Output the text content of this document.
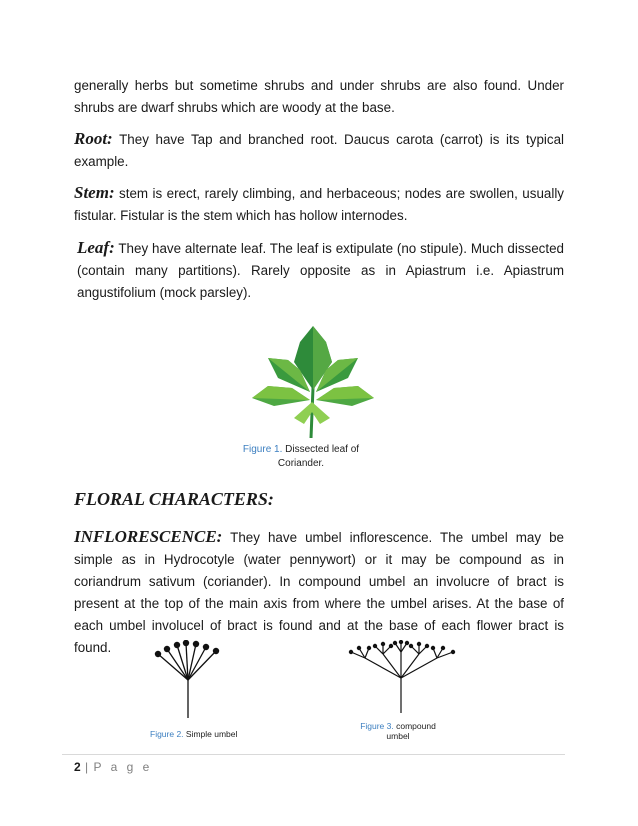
generally herbs but sometime shrubs and under shrubs are also found. Under shrubs are dwarf shrubs which are woody at the base.

Root: They have Tap and branched root. Daucus carota (carrot) is its typical example.

Stem: stem is erect, rarely climbing, and herbaceous; nodes are swollen, usually fistular. Fistular is the stem which has hollow internodes.

Leaf: They have alternate leaf. The leaf is extipulate (no stipule). Much dissected (contain many partitions). Rarely opposite as in Apiastrum i.e. Apiastrum angustifolium (mock parsley).

Figure 1. Dissected leaf of
Coriander.
FLORAL CHARACTERS:

INFLORESCENCE: They have umbel inflorescence. The umbel may be simple as in Hydrocotyle (water pennywort) or it may be compound as in coriandrum sativum (coriander). In compound umbel an involucre of bract is present at the top of the main axis from where the umbel arises. At the base of each umbel involucel of bract is found and at the base of each flower bract is found.

Figure 2. Simple umbel
Figure 3. compound
umbel
2 | P a g e
